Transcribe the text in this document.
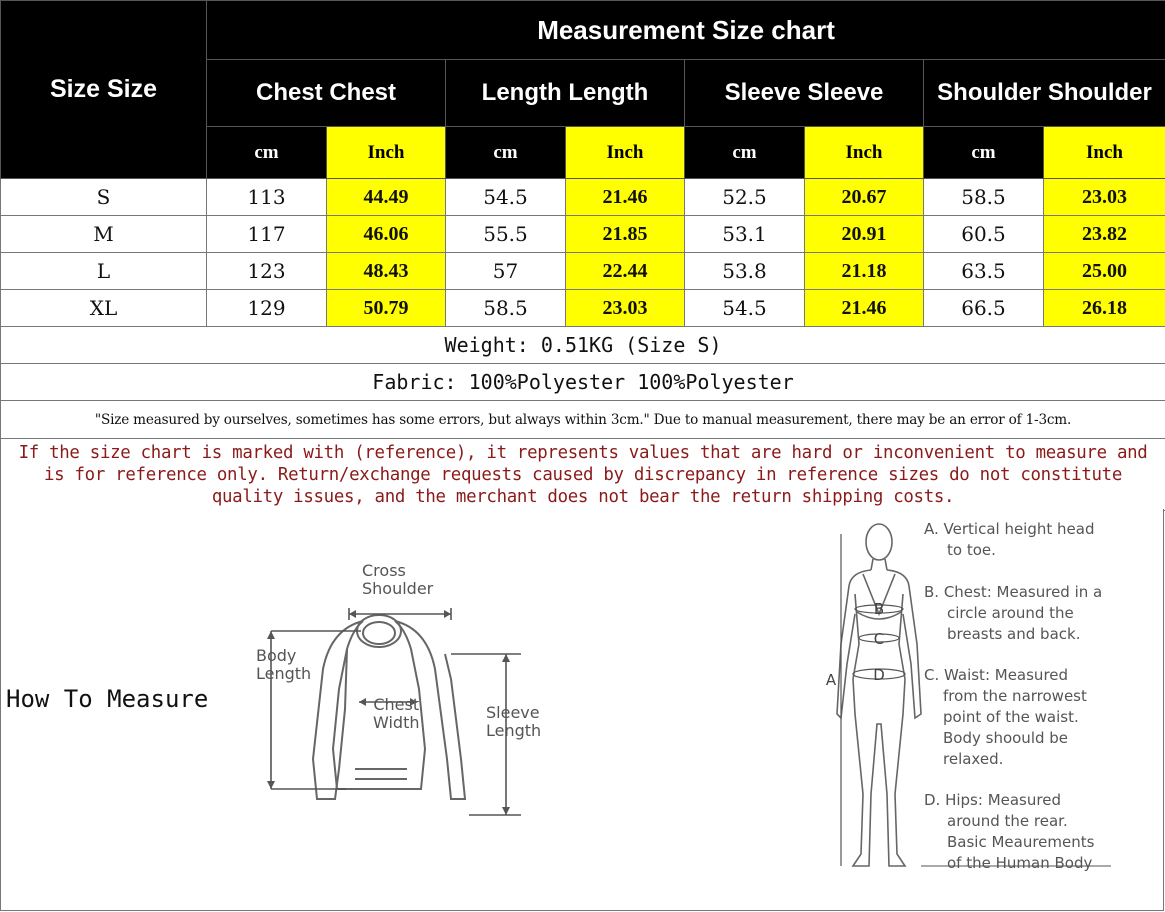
Size Size	Measurement Size chart							
	Chest Chest		Length Length		Sleeve Sleeve		Shoulder Shoulder	
	cm	Inch	cm	Inch	cm	Inch	cm	Inch
S	113	44.49	54.5	21.46	52.5	20.67	58.5	23.03
M	117	46.06	55.5	21.85	53.1	20.91	60.5	23.82
L	123	48.43	57	22.44	53.8	21.18	63.5	25.00
XL	129	50.79	58.5	23.03	54.5	21.46	66.5	26.18
Weight: 0.51KG (Size S)								
Fabric: 100%Polyester 100%Polyester								
"Size measured by ourselves, sometimes has some errors, but always within 3cm." Due to manual measurement, there may be an error of 1-3cm.								
If the size chart is marked with (reference), it represents values that are hard or inconvenient to measure and is for reference only. Return/exchange requests caused by discrepancy in reference sizes do not constitute quality issues, and the merchant does not bear the return shipping costs.								
How To Measure
Cross
Shoulder
Body
Length
Chest
Width
Sleeve
Length
B
C
D
A
A. Vertical height head
to toe.
B. Chest: Measured in a
circle around the
breasts and back.
C. Waist: Measured
from the narrowest
point of the waist.
Body shoould be
relaxed.
D. Hips: Measured
around the rear.
Basic Meaurements
of the Human Body
